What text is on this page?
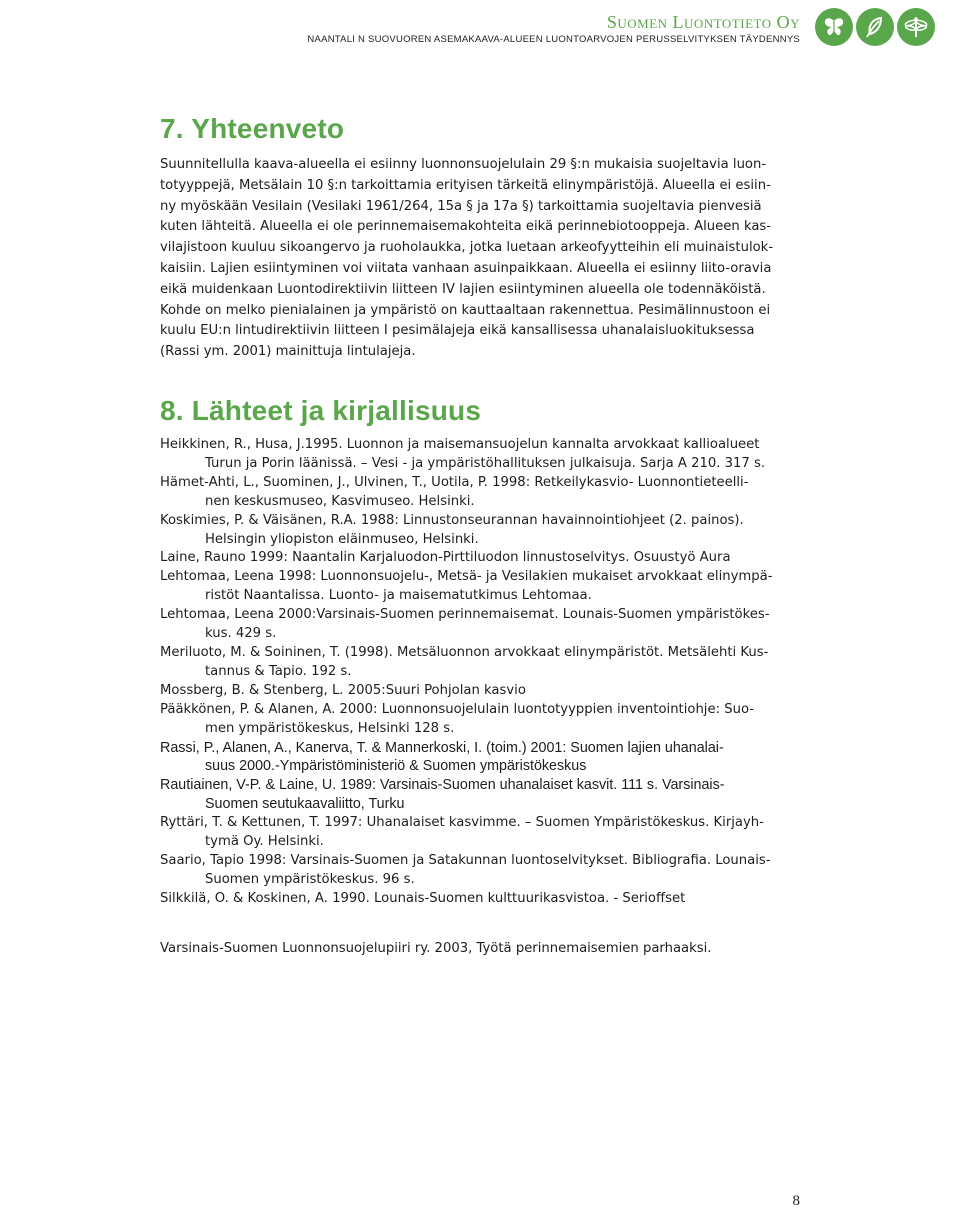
Suomen Luontotieto Oy
NAANTALI N SUOVUOREN ASEMAKAAVA-ALUEEN LUONTOARVOJEN PERUSSELVITYKSEN TÄYDENNYS
7. Yhteenveto

Suunnitellulla kaava-alueella ei esiinny luonnonsuojelulain 29 §:n mukaisia suojeltavia luon-
totyyppejä, Metsälain 10 §:n tarkoittamia erityisen tärkeitä elinympäristöjä. Alueella ei esiin-
ny myöskään Vesilain (Vesilaki 1961/264, 15a § ja 17a §) tarkoittamia suojeltavia pienvesiä
kuten lähteitä. Alueella ei ole perinnemaisemakohteita eikä perinnebiotooppeja. Alueen kas-
vilajistoon kuuluu sikoangervo ja ruoholaukka, jotka luetaan arkeofyytteihin eli muinaistulok-
kaisiin. Lajien esiintyminen voi viitata vanhaan asuinpaikkaan. Alueella ei esiinny liito-oravia
eikä muidenkaan Luontodirektiivin liitteen IV lajien esiintyminen alueella ole todennäköistä.
Kohde on melko pienialainen ja ympäristö on kauttaaltaan rakennettua. Pesimälinnustoon ei
kuulu EU:n lintudirektiivin liitteen I pesimälajeja eikä kansallisessa uhanalaisluokituksessa
(Rassi ym. 2001) mainittuja lintulajeja.

8. Lähteet ja kirjallisuus
Heikkinen, R., Husa, J.1995. Luonnon ja maisemansuojelun kannalta arvokkaat kallioalueet
Turun ja Porin läänissä. – Vesi - ja ympäristöhallituksen julkaisuja. Sarja A 210. 317 s.
Hämet-Ahti, L., Suominen, J., Ulvinen, T., Uotila, P. 1998: Retkeilykasvio- Luonnontieteelli-
nen keskusmuseo, Kasvimuseo. Helsinki.
Koskimies, P. & Väisänen, R.A. 1988: Linnustonseurannan havainnointiohjeet (2. painos).
Helsingin yliopiston eläinmuseo, Helsinki.
Laine, Rauno 1999: Naantalin Karjaluodon-Pirttiluodon linnustoselvitys. Osuustyö Aura
Lehtomaa, Leena 1998: Luonnonsuojelu-, Metsä- ja Vesilakien mukaiset arvokkaat elinympä-
ristöt Naantalissa. Luonto- ja maisematutkimus Lehtomaa.
Lehtomaa, Leena 2000:Varsinais-Suomen perinnemaisemat. Lounais-Suomen ympäristökes-
kus. 429 s.
Meriluoto, M. & Soininen, T. (1998). Metsäluonnon arvokkaat elinympäristöt. Metsälehti Kus-
tannus & Tapio. 192 s.
Mossberg, B. & Stenberg, L. 2005:Suuri Pohjolan kasvio
Pääkkönen, P. & Alanen, A. 2000: Luonnonsuojelulain luontotyyppien inventointiohje: Suo-
men ympäristökeskus, Helsinki 128 s.
Rassi, P., Alanen, A., Kanerva, T. & Mannerkoski, I. (toim.) 2001: Suomen lajien uhanalai-
suus 2000.-Ympäristöministeriö & Suomen ympäristökeskus
Rautiainen, V-P. & Laine, U. 1989: Varsinais-Suomen uhanalaiset kasvit. 111 s. Varsinais-
Suomen seutukaavaliitto, Turku
Ryttäri, T. & Kettunen, T. 1997: Uhanalaiset kasvimme. – Suomen Ympäristökeskus. Kirjayh-
tymä Oy. Helsinki.
Saario, Tapio 1998: Varsinais-Suomen ja Satakunnan luontoselvitykset. Bibliografia. Lounais-
Suomen ympäristökeskus. 96 s.
Silkkilä, O. & Koskinen, A. 1990. Lounais-Suomen kulttuurikasvistoa. - Serioffset

Varsinais-Suomen Luonnonsuojelupiiri ry. 2003, Työtä perinnemaisemien parhaaksi.

8
